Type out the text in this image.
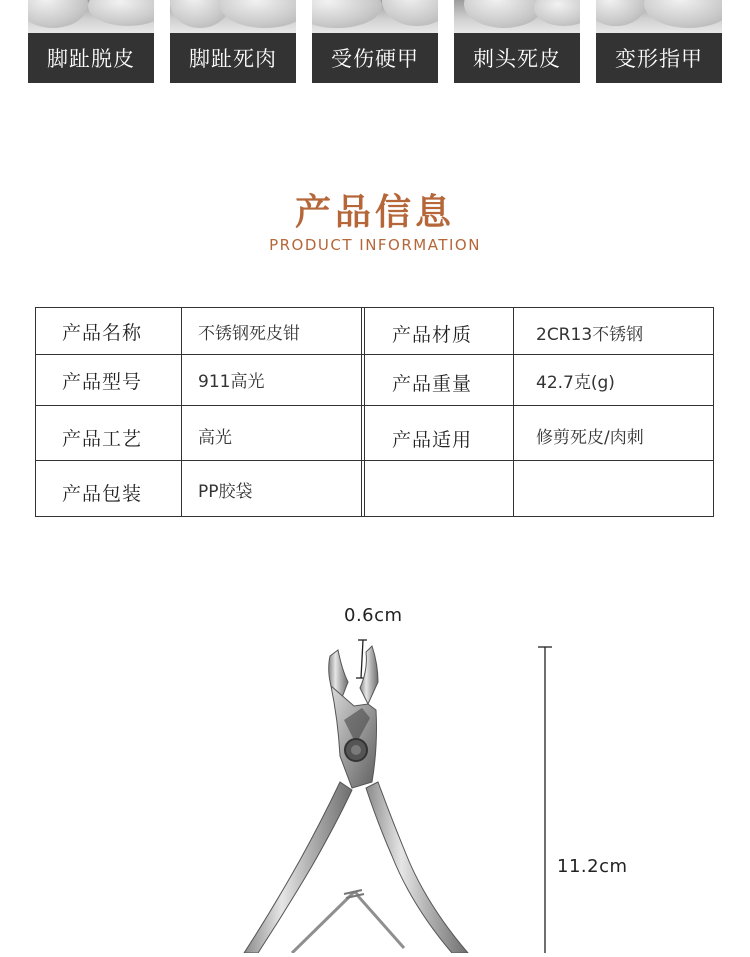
脚趾脱皮	脚趾死肉	受伤硬甲	刺头死皮	变形指甲
产品信息
PRODUCT INFORMATION
产品名称	不锈钢死皮钳	产品材质	2CR13不锈钢
产品型号	911高光	产品重量	42.7克(g)
产品工艺	高光	产品适用	修剪死皮/肉刺
产品包装	PP胶袋
0.6cm
11.2cm
